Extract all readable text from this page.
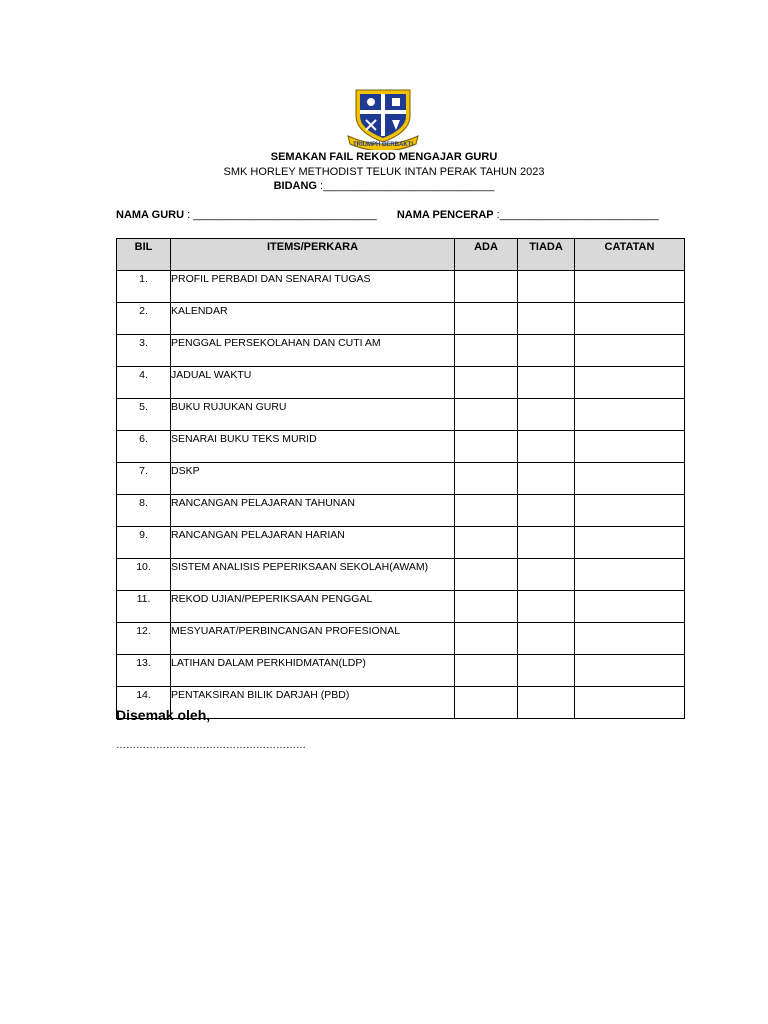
TRIUMPH BERBAKTI
SEMAKAN FAIL REKOD MENGAJAR GURU
SMK HORLEY METHODIST TELUK INTAN PERAK TAHUN 2023
BIDANG :____________________________
NAMA GURU : ______________________________ NAMA PENCERAP :__________________________
BIL	ITEMS/PERKARA	ADA	TIADA	CATATAN
1.	PROFIL PERBADI DAN SENARAI TUGAS			
2.	KALENDAR			
3.	PENGGAL PERSEKOLAHAN DAN CUTI AM			
4.	JADUAL WAKTU			
5.	BUKU RUJUKAN GURU			
6.	SENARAI BUKU TEKS MURID			
7.	DSKP			
8.	RANCANGAN PELAJARAN TAHUNAN			
9.	RANCANGAN PELAJARAN HARIAN			
10.	SISTEM ANALISIS PEPERIKSAAN SEKOLAH(AWAM)			
11.	REKOD UJIAN/PEPERIKSAAN PENGGAL			
12.	MESYUARAT/PERBINCANGAN PROFESIONAL			
13.	LATIHAN DALAM PERKHIDMATAN(LDP)			
14.	PENTAKSIRAN BILIK DARJAH (PBD)			
Disemak oleh,
…………………………………………………
